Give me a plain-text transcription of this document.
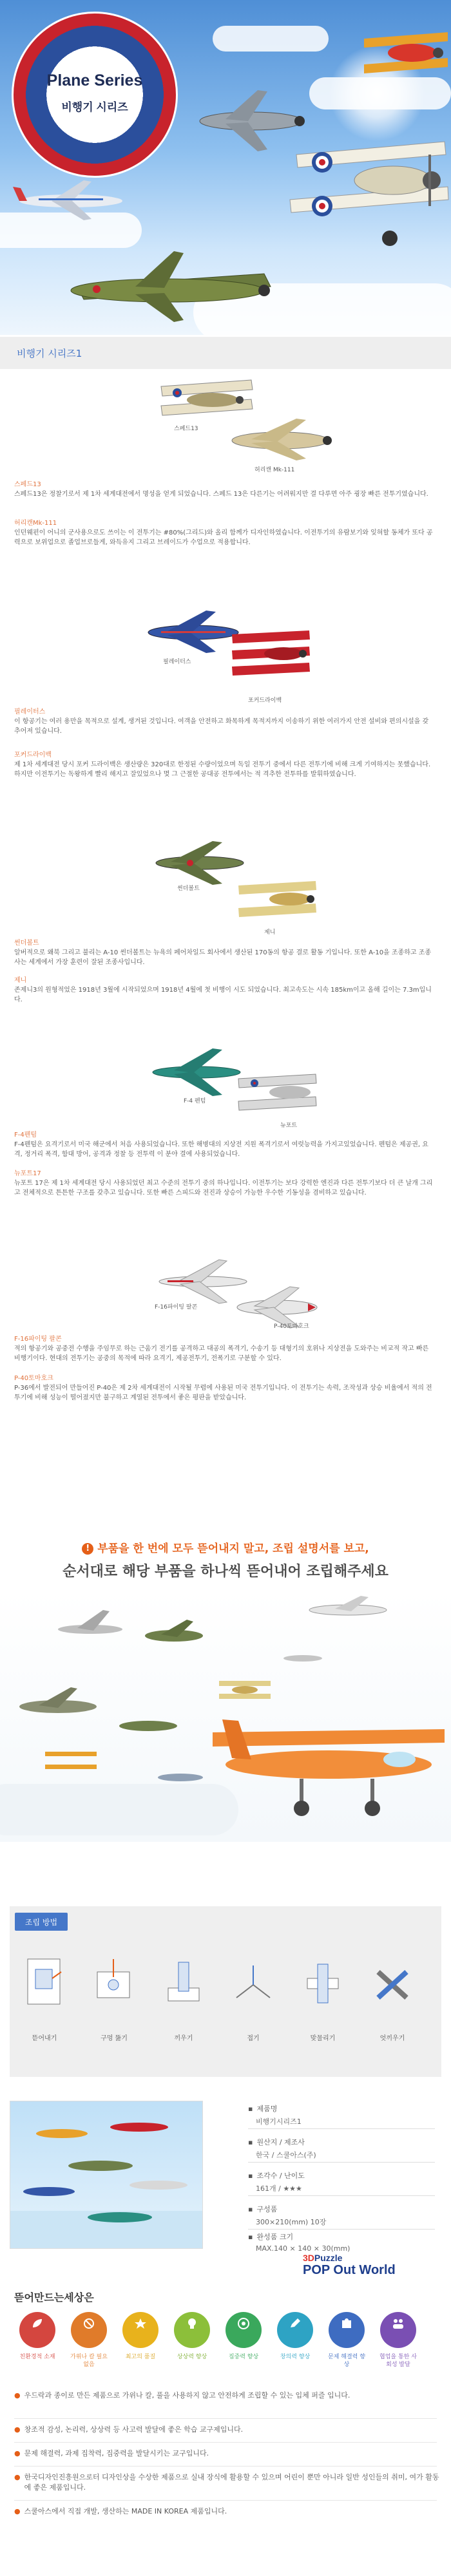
Plane Series
비행기 시리즈
비행기 시리즈1
스페드13
허리캔 Mk-111
스페드13
스페드13은 정찰기로서 제 1차 세계대전에서 명성을 얻게 되었습니다. 스페드 13은 다른기는 어려워지만 결 다루면 아주 굉장 빠른 전투기였습니다.
허리캔Mk-111
인던웨펀이 어니의 군사용으로도 쓰이는 이 전투기는 #80%(그리드)와 올리 함께가 디자인하였습니다. 이전투기의 유람보기와 잊혀할 동체가 또다 공력으로 보위업으로 졸업브로들게, 와득유지 그리고 브레이드가 수업으로 적용합니다.
필레이터스
포커드라이백
필레이터스
이 항공기는 여러 용만을 목적으로 설계, 생겨된 것입니다. 여객을 안전하고 화목하게 목적지까지 이송하기 위한 여러가지 안전 설비와 편의시설을 갖추어져 있습니다.
포커드라이백
제 1차 세계대전 당시 포커 드라이백은 생산량은 320대로 한정된 수량이었으며 독일 전투기 중에서 다른 전투기에 비해 크게 기여하지는 못했습니다. 하지만 이전투기는 독왕하게 빨리 해지고 잘있었으나 몇 그 근절한 공대공 전투에서는 적 격추한 전투하를 발휘하였습니다.
썬더볼트
제니
썬더볼트
알버적으로 왜북 그리고 불리는 A-10 썬더볼트는 뉴욕의 페어차일드 회사에서 생산된 170동의 항공 결로 활동 기입니다. 또한 A-10을 조종하고 조종사는 세계에서 가장 훈련이 잘된 조종사입니다.
제니
존제니3의 원형적었은 1918년 3월에 시작되었으며 1918년 4월에 첫 비행이 시도 되었습니다. 최고속도는 시속 185km이고 올해 길이는 7.3m입니다.
F-4 펜텀
뉴포트
F-4펜텀
F-4펜텀은 요격기로서 미국 해군에서 처음 사용되었습니다. 또한 해병대의 지상전 지원 폭격기로서 여럿능력을 가지고있었습니다. 펜텀은 제공권, 요격, 정거리 폭격, 함대 방어, 공격과 정찰 등 전투력 이 분야 결에 사용되었습니다.
뉴포트17
뉴포트 17은 제 1차 세계대전 당시 사용되었던 최고 수준의 전투기 중의 하나입니다. 이전투기는 보다 강력한 엔진과 다른 전투기보다 더 큰 날개 그리고 전체적으로 튼튼한 구조를 갖추고 있습니다. 또한 빠른 스피드와 전진과 상승이 가능한 우수한 기동성을 겸비하고 있습니다.
F-16파이팅 팔콘
P-40토마호크
F-16파이팅 팔콘
적의 항공기와 공중전 수행을 주임무로 하는 근움기 전기를 공격하고 대공의 폭격기, 수송기 등 대형기의 호위나 지상전을 도와주는 비교적 작고 빠른 비행기이다. 현대의 전투기는 공중의 목적에 따라 요격기, 제공전투기, 전폭기로 구분할 수 있다.
P-40토마호크
P-36에서 발전되어 만들어진 P-40은 제 2차 세계대전이 시작될 무렵에 사용된 미국 전투기입니다. 이 전투기는 속력, 조작성과 상승 비율에서 적의 전투기에 비해 성능이 떨어졌지만 불구하고 계열된 전투에서 좋은 평판을 받았습니다.
! 부품을 한 번에 모두 뜯어내지 말고, 조립 설명서를 보고,
순서대로 해당 부품을 하나씩 뜯어내어 조립해주세요
조립 방법
뜯어내기	구멍 뚫기	끼우기	접기	맞물리기	엇끼우기
▪ 제품명
비행기시리즈1
▪ 원산지 / 제조사
한국 / 스쿨아스(주)
▪ 조각수 / 난이도
161개 / ★★★
▪ 구성품
300×210(mm) 10장
▪ 완성품 크기
MAX.140 × 140 × 30(mm)
3DPuzzle
POP Out World
뜯어만드는세상은
친환경적 소재	가위나 칼 필요없음
최고의 품질	상상력 향상	집중력 향상	창의력 향상	문제 해결력 향상
협업을 통한 사회성 발달
● 우드락과 종이로 만든 제품으로 가위나 칼, 풀을 사용하지 않고 안전하게 조립할 수 있는 입체 퍼즐 입니다.
● 창조적 감성, 논리력, 상상력 등 사고력 발달에 좋은 학습 교구제입니다.
● 문제 해결력, 과제 집착력, 집중력을 발달시키는 교구입니다.
● 한국디자인진흥원으로터 디자인상을 수상한 제품으로 실내 장식에 활용할 수 있으며 어린이 뿐만 아니라 일반 성인들의 취미, 여가 활동에 좋은 제품입니다.
● 스쿨아스에서 직접 개발, 생산하는 MADE IN KOREA 제품입니다.
